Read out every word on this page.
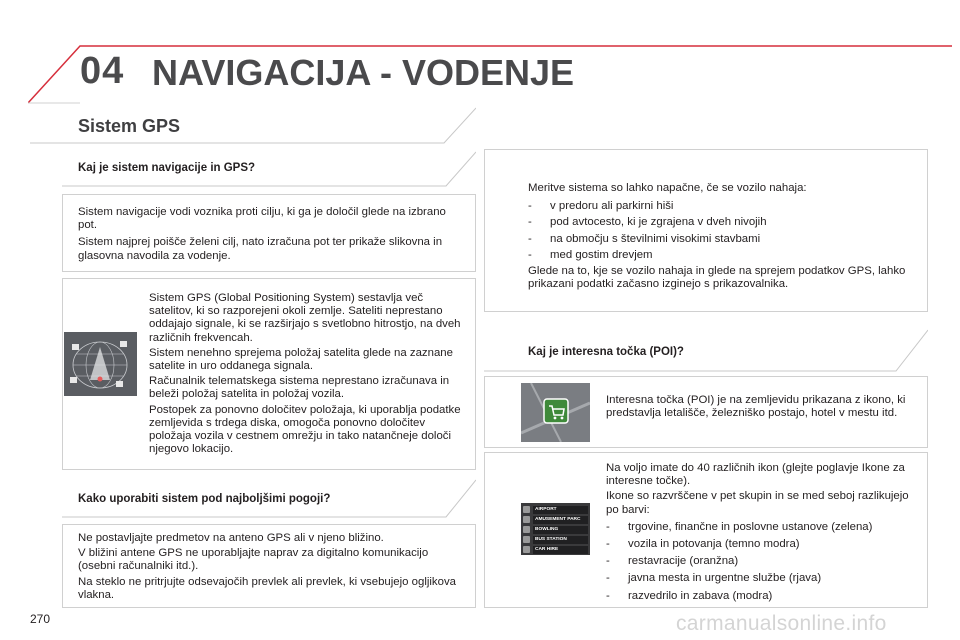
04 NAVIGACIJA - VODENJE
Sistem GPS
Kaj je sistem navigacije in GPS?

Sistem navigacije vodi voznika proti cilju, ki ga je določil glede na izbrano pot.

Sistem najprej poišče želeni cilj, nato izračuna pot ter prikaže slikovna in glasovna navodila za vodenje.

Sistem GPS (Global Positioning System) sestavlja več satelitov, ki so razporejeni okoli zemlje. Sateliti neprestano oddajajo signale, ki se razširjajo s svetlobno hitrostjo, na dveh različnih frekvencah.

Sistem nenehno sprejema položaj satelita glede na zaznane satelite in uro oddanega signala.

Računalnik telematskega sistema neprestano izračunava in beleži položaj satelita in položaj vozila.

Postopek za ponovno določitev položaja, ki uporablja podatke zemljevida s trdega diska, omogoča ponovno določitev položaja vozila v cestnem omrežju in tako natančneje določi njegovo lokacijo.

Kako uporabiti sistem pod najboljšimi pogoji?

Ne postavljajte predmetov na anteno GPS ali v njeno bližino.

V bližini antene GPS ne uporabljajte naprav za digitalno komunikacijo (osebni računalniki itd.).

Na steklo ne pritrjujte odsevajočih prevlek ali prevlek, ki vsebujejo ogljikova vlakna.

Meritve sistema so lahko napačne, če se vozilo nahaja:

-	v predoru ali parkirni hiši
-	pod avtocesto, ki je zgrajena v dveh nivojih
-	na območju s številnimi visokimi stavbami
-	med gostim drevjem

Glede na to, kje se vozilo nahaja in glede na sprejem podatkov GPS, lahko prikazani podatki začasno izginejo s prikazovalnika.

Kaj je interesna točka (POI)?

Interesna točka (POI) je na zemljevidu prikazana z ikono, ki predstavlja letališče, železniško postajo, hotel v mestu itd.

AIRPORT
AMUSEMENT PARC
BOWLING
BUS STATION
CAR HIRE

Na voljo imate do 40 različnih ikon (glejte poglavje Ikone za interesne točke).

Ikone so razvrščene v pet skupin in se med seboj razlikujejo po barvi:

-	trgovine, finančne in poslovne ustanove (zelena)
-	vozila in potovanja (temno modra)
-	restavracije (oranžna)
-	javna mesta in urgentne službe (rjava)
-	razvedrilo in zabava (modra)
270	carmanualsonline.info
